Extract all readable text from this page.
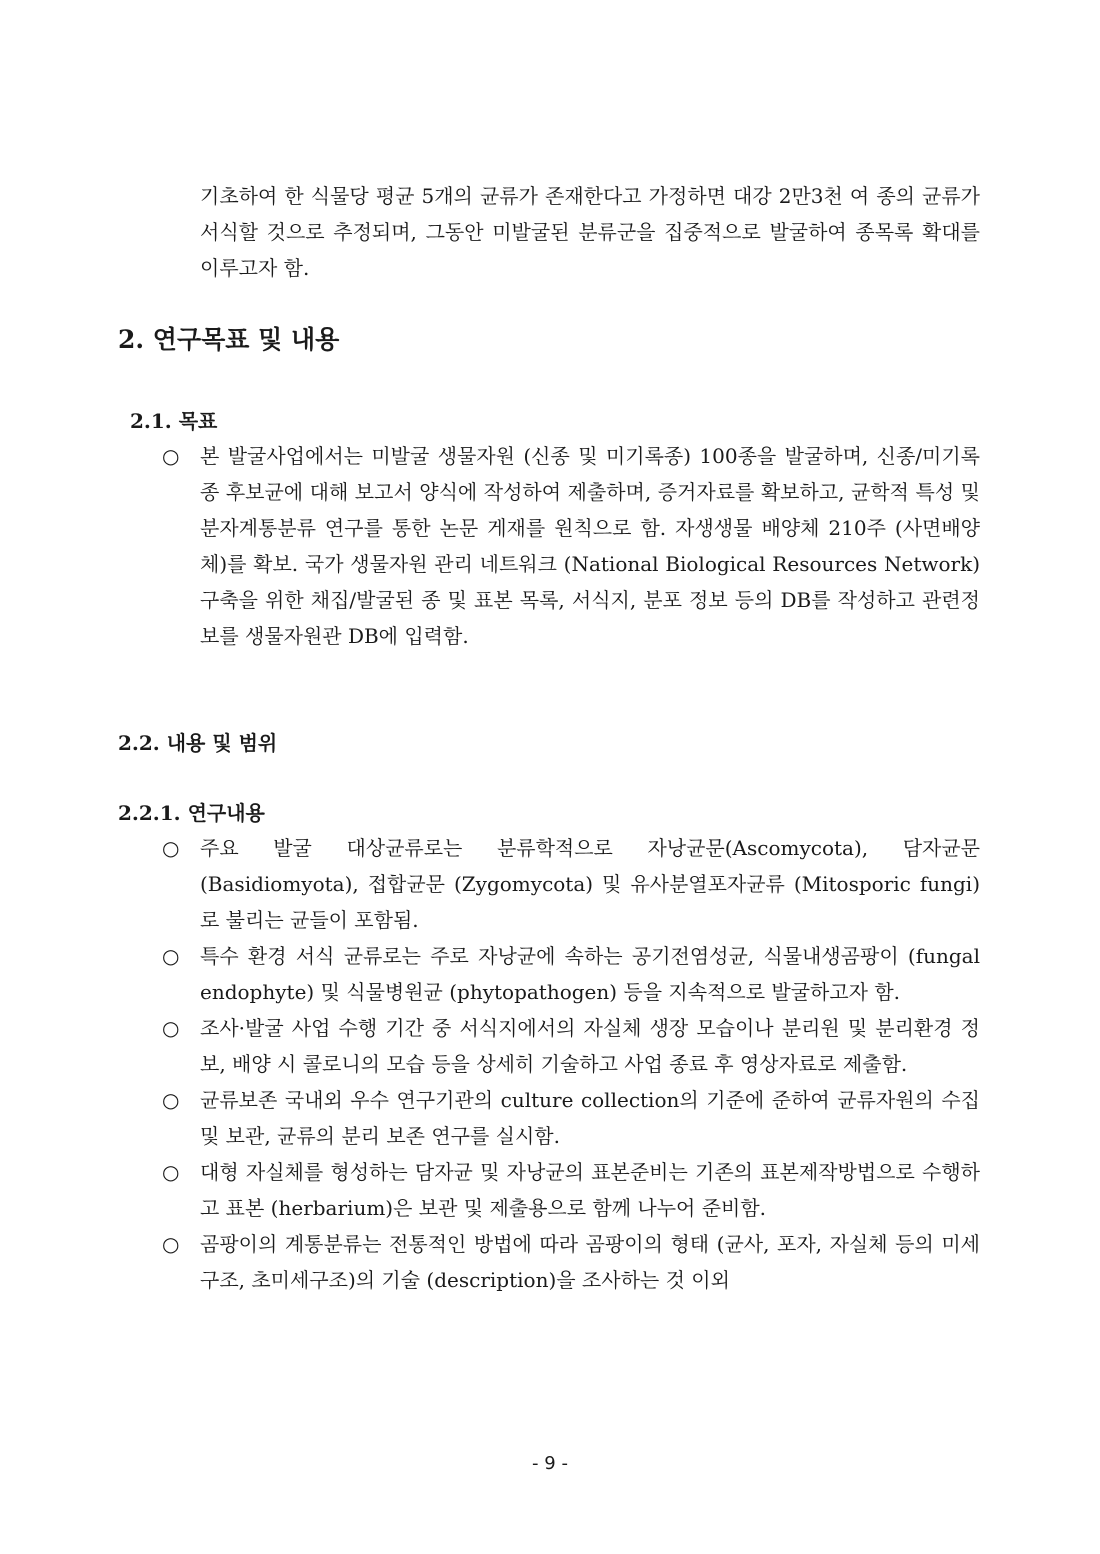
기초하여 한 식물당 평균 5개의 균류가 존재한다고 가정하면 대강 2만3천 여 종의 균류가 서식할 것으로 추정되며, 그동안 미발굴된 분류군을 집중적으로 발굴하여 종목록 확대를 이루고자 함.

2. 연구목표 및 내용
2.1. 목표
○	본 발굴사업에서는 미발굴 생물자원 (신종 및 미기록종) 100종을 발굴하며, 신종/미기록종 후보균에 대해 보고서 양식에 작성하여 제출하며, 증거자료를 확보하고, 균학적 특성 및 분자계통분류 연구를 통한 논문 게재를 원칙으로 함. 자생생물 배양체 210주 (사면배양체)를 확보. 국가 생물자원 관리 네트워크 (National Biological Resources Network) 구축을 위한 채집/발굴된 종 및 표본 목록, 서식지, 분포 정보 등의 DB를 작성하고 관련정보를 생물자원관 DB에 입력함.
2.2. 내용 및 범위
2.2.1. 연구내용
○	주요 발굴 대상균류로는 분류학적으로 자낭균문(Ascomycota), 담자균문(Basidiomyota), 접합균문 (Zygomycota) 및 유사분열포자균류 (Mitosporic fungi)로 불리는 균들이 포함됨.
○	특수 환경 서식 균류로는 주로 자낭균에 속하는 공기전염성균, 식물내생곰팡이 (fungal endophyte) 및 식물병원균 (phytopathogen) 등을 지속적으로 발굴하고자 함.
○	조사·발굴 사업 수행 기간 중 서식지에서의 자실체 생장 모습이나 분리원 및 분리환경 정보, 배양 시 콜로니의 모습 등을 상세히 기술하고 사업 종료 후 영상자료로 제출함.
○	균류보존 국내외 우수 연구기관의 culture collection의 기준에 준하여 균류자원의 수집 및 보관, 균류의 분리 보존 연구를 실시함.
○	대형 자실체를 형성하는 담자균 및 자낭균의 표본준비는 기존의 표본제작방법으로 수행하고 표본 (herbarium)은 보관 및 제출용으로 함께 나누어 준비함.
○	곰팡이의 계통분류는 전통적인 방법에 따라 곰팡이의 형태 (균사, 포자, 자실체 등의 미세구조, 초미세구조)의 기술 (description)을 조사하는 것 이외
- 9 -
